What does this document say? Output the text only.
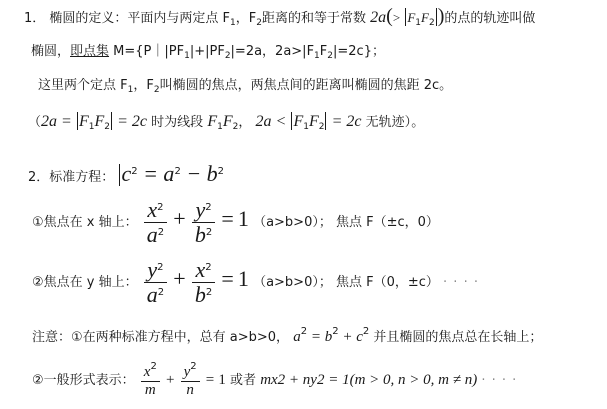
1． 椭圆的定义：平面内与两定点 $F_1$，$F_2$距离的和等于常数 $2a(> F_1F_2$ )的点的轨迹叫做
椭圆，即点集 $M=\{P||PF_1|+|PF_2|=2a$，$2a>|F_1F_2|=2c$}；
这里两个定点 $F_1$，$F_2$叫椭圆的焦点，两焦点间的距离叫椭圆的焦距 2c。
（$2a = F_1F_2 = 2c$ 时为线段 $F_1F_2$， $2a < F_1F_2 = 2c$ 无轨迹）。
2．标准方程： $c^2 = a^2 - b^2$
①焦点在 x 轴上： $\frac{x^2}{a^2} + \frac{y^2}{b^2} = 1$ （a>b>0）； 焦点 F（±c，0）
②焦点在 y 轴上： $\frac{y^2}{a^2} + \frac{x^2}{b^2} = 1$ （a>b>0）； 焦点 F（0，±c） · · · ·
注意：①在两种标准方程中，总有 a>b>0， $a^2 = b^2 + c^2$ 并且椭圆的焦点总在长轴上；
②一般形式表示： $\frac{x^2}{m} + \frac{y^2}{n} = 1$ 或者 mx2 + ny2 = 1(m > 0, n > 0, m ≠ n) · · · ·
